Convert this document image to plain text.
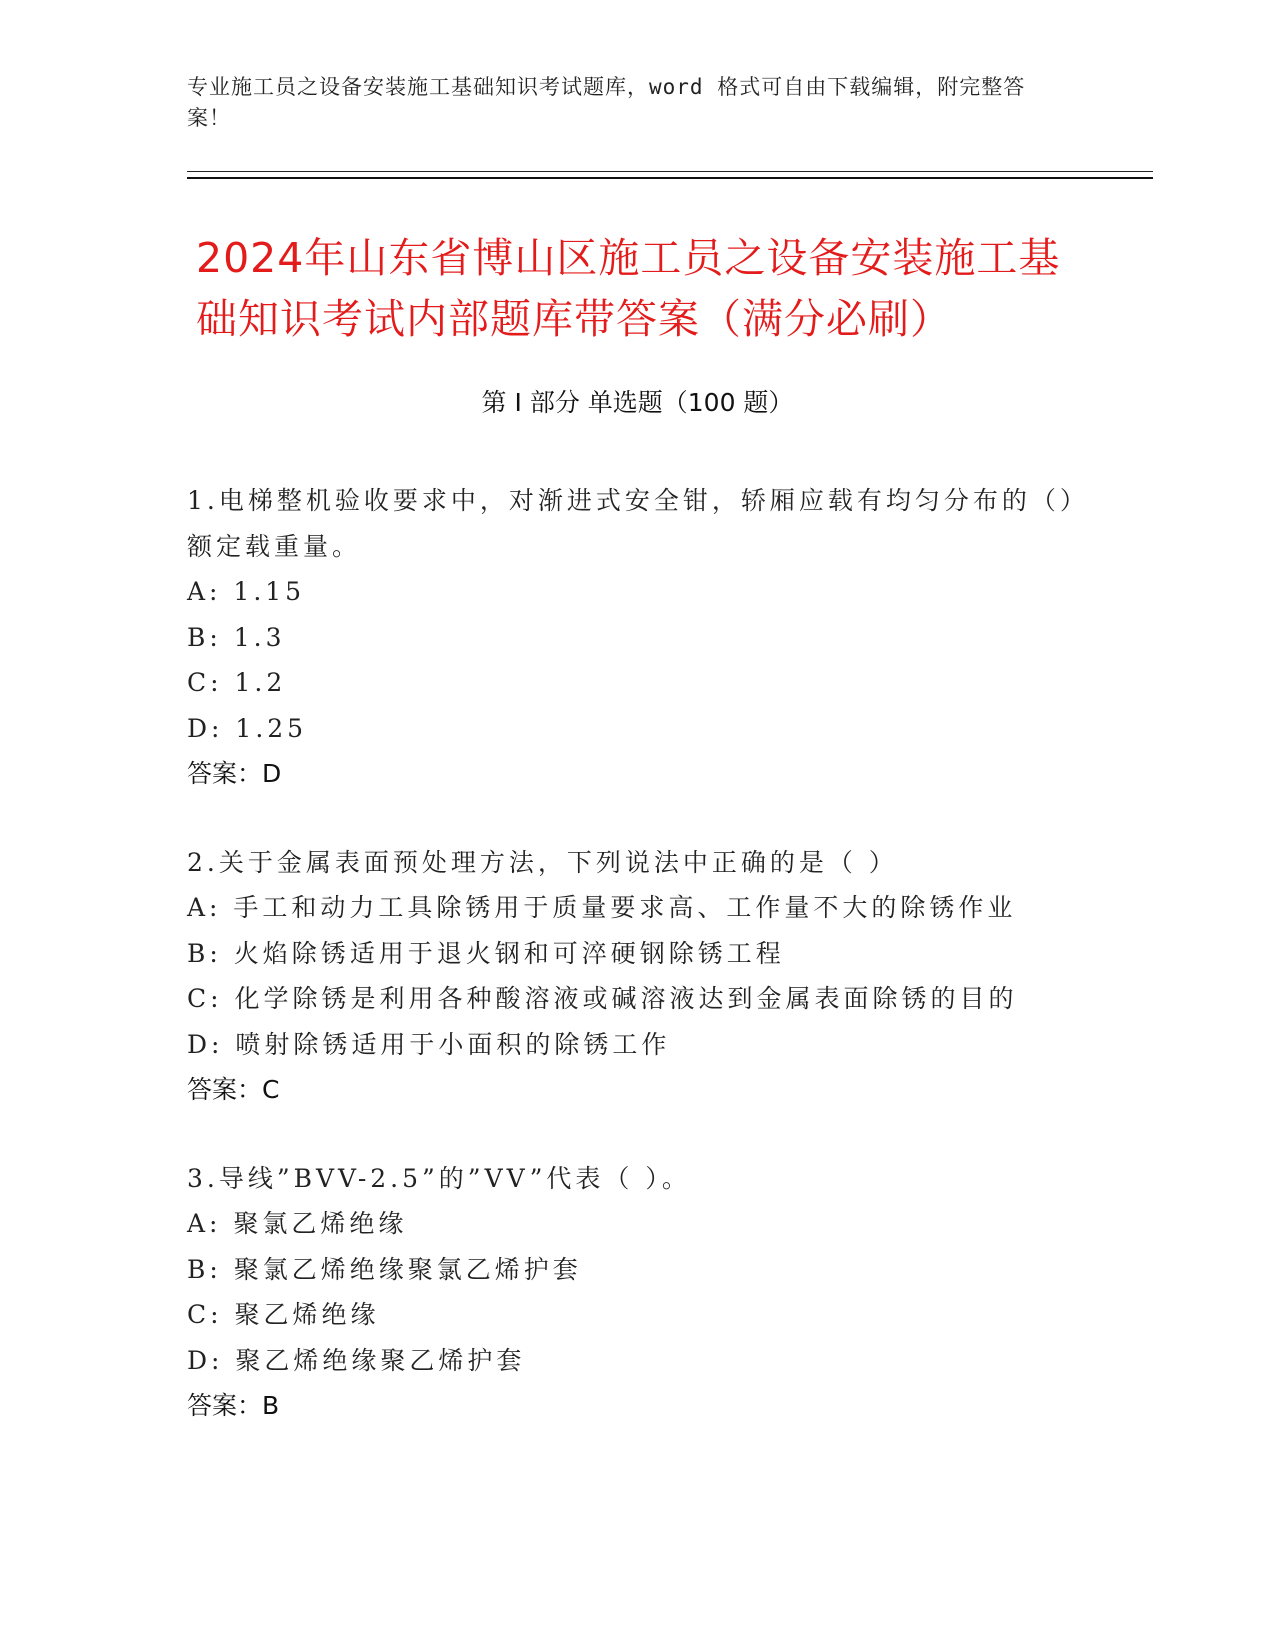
专业施工员之设备安装施工基础知识考试题库，word 格式可自由下载编辑，附完整答案！
2024年山东省博山区施工员之设备安装施工基础知识考试内部题库带答案（满分必刷）
第 I 部分 单选题（100 题）

1.电梯整机验收要求中，对渐进式安全钳，轿厢应载有均匀分布的（）额定载重量。

A: 1.15

B: 1.3

C: 1.2

D: 1.25

答案：D

2.关于金属表面预处理方法，下列说法中正确的是（ ）

A: 手工和动力工具除锈用于质量要求高、工作量不大的除锈作业

B: 火焰除锈适用于退火钢和可淬硬钢除锈工程

C: 化学除锈是利用各种酸溶液或碱溶液达到金属表面除锈的目的

D: 喷射除锈适用于小面积的除锈工作

答案：C

3.导线”BVV-2.5”的”VV”代表（ ）。

A: 聚氯乙烯绝缘

B: 聚氯乙烯绝缘聚氯乙烯护套

C: 聚乙烯绝缘

D: 聚乙烯绝缘聚乙烯护套

答案：B
